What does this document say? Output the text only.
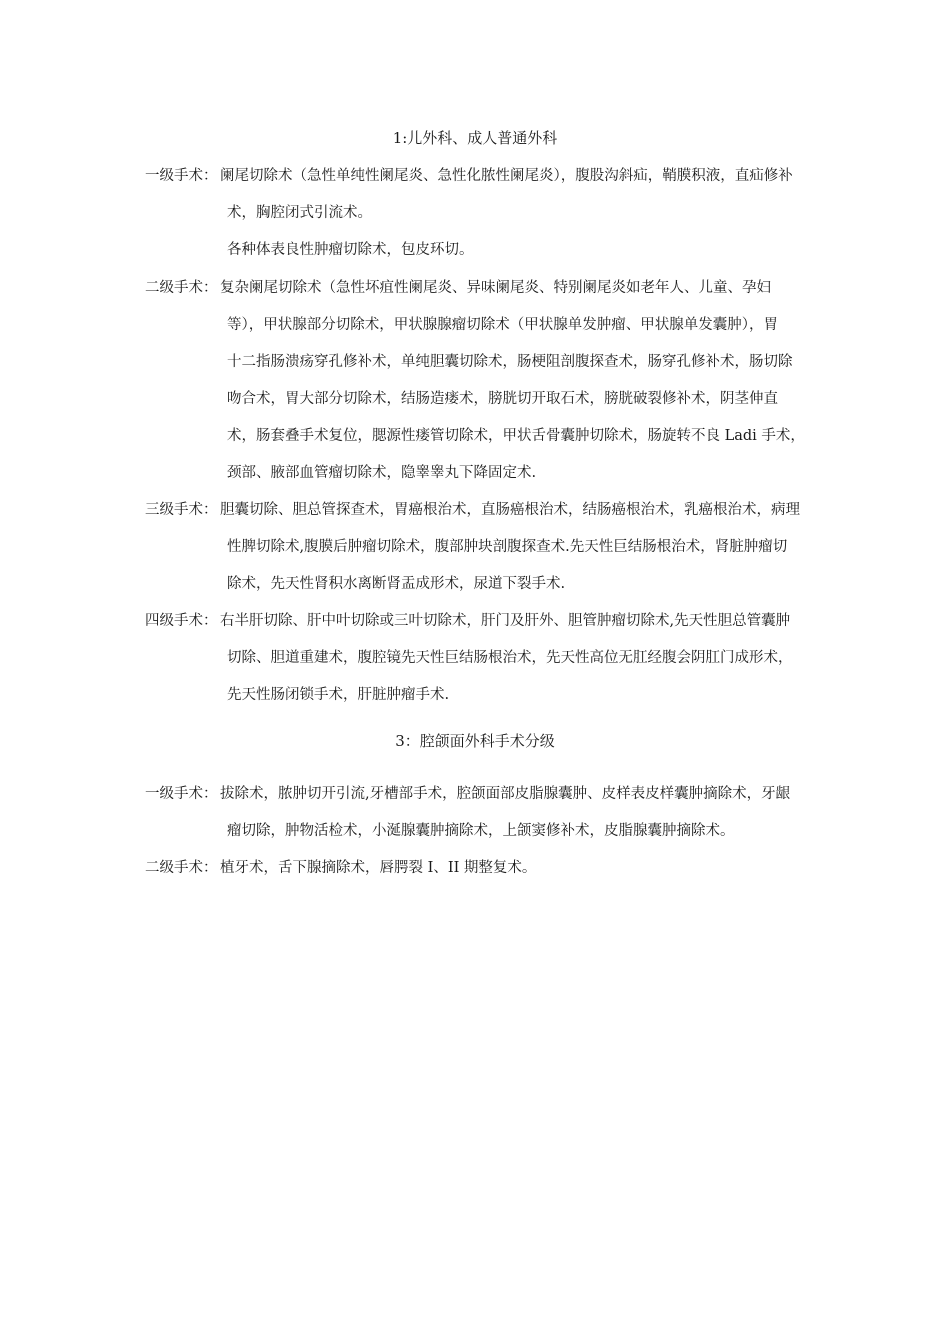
1:儿外科、成人普通外科
一级手术： 阑尾切除术（急性单纯性阑尾炎、急性化脓性阑尾炎），腹股沟斜疝，鞘膜积液，直疝修补
术，胸腔闭式引流术。
各种体表良性肿瘤切除术，包皮环切。
二级手术： 复杂阑尾切除术（急性坏疽性阑尾炎、异味阑尾炎、特别阑尾炎如老年人、儿童、孕妇
等），甲状腺部分切除术，甲状腺腺瘤切除术（甲状腺单发肿瘤、甲状腺单发囊肿），胃
十二指肠溃疡穿孔修补术，单纯胆囊切除术，肠梗阻剖腹探查术，肠穿孔修补术，肠切除
吻合术，胃大部分切除术，结肠造瘘术，膀胱切开取石术，膀胱破裂修补术，阴茎伸直
术，肠套叠手术复位，腮源性瘘管切除术，甲状舌骨囊肿切除术，肠旋转不良 Ladi 手术，
颈部、腋部血管瘤切除术，隐睾睾丸下降固定术.
三级手术： 胆囊切除、胆总管探查术，胃癌根治术，直肠癌根治术，结肠癌根治术，乳癌根治术，病理
性脾切除术,腹膜后肿瘤切除术，腹部肿块剖腹探查术.先天性巨结肠根治术，肾脏肿瘤切
除术，先天性肾积水离断肾盂成形术，尿道下裂手术.
四级手术： 右半肝切除、肝中叶切除或三叶切除术，肝门及肝外、胆管肿瘤切除术,先天性胆总管囊肿
切除、胆道重建术，腹腔镜先天性巨结肠根治术，先天性高位无肛经腹会阴肛门成形术，
先天性肠闭锁手术，肝脏肿瘤手术.
3：腔颌面外科手术分级
一级手术： 拔除术，脓肿切开引流,牙槽部手术，腔颌面部皮脂腺囊肿、皮样表皮样囊肿摘除术，牙龈
瘤切除，肿物活检术，小涎腺囊肿摘除术，上颌窦修补术，皮脂腺囊肿摘除术。
二级手术： 植牙术，舌下腺摘除术，唇腭裂 I、II 期整复术。
